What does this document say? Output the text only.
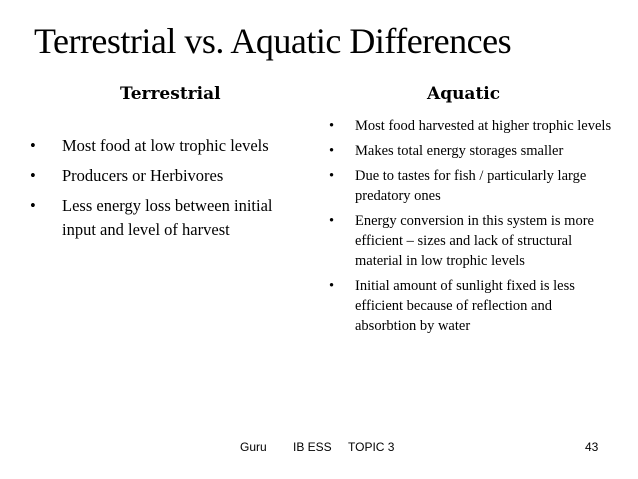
Terrestrial vs. Aquatic Differences
Terrestrial	Aquatic
• Most food at low trophic levels
• Producers or Herbivores
• Less energy loss between initial input and level of harvest
• Most food harvested at higher trophic levels
• Makes total energy storages smaller
• Due to tastes for fish / particularly large predatory ones
• Energy conversion in this system is more efficient – sizes and lack of structural material in low trophic levels
• Initial amount of sunlight fixed is less efficient because of reflection and absorbtion by water
Guru IB ESS TOPIC 3	43
